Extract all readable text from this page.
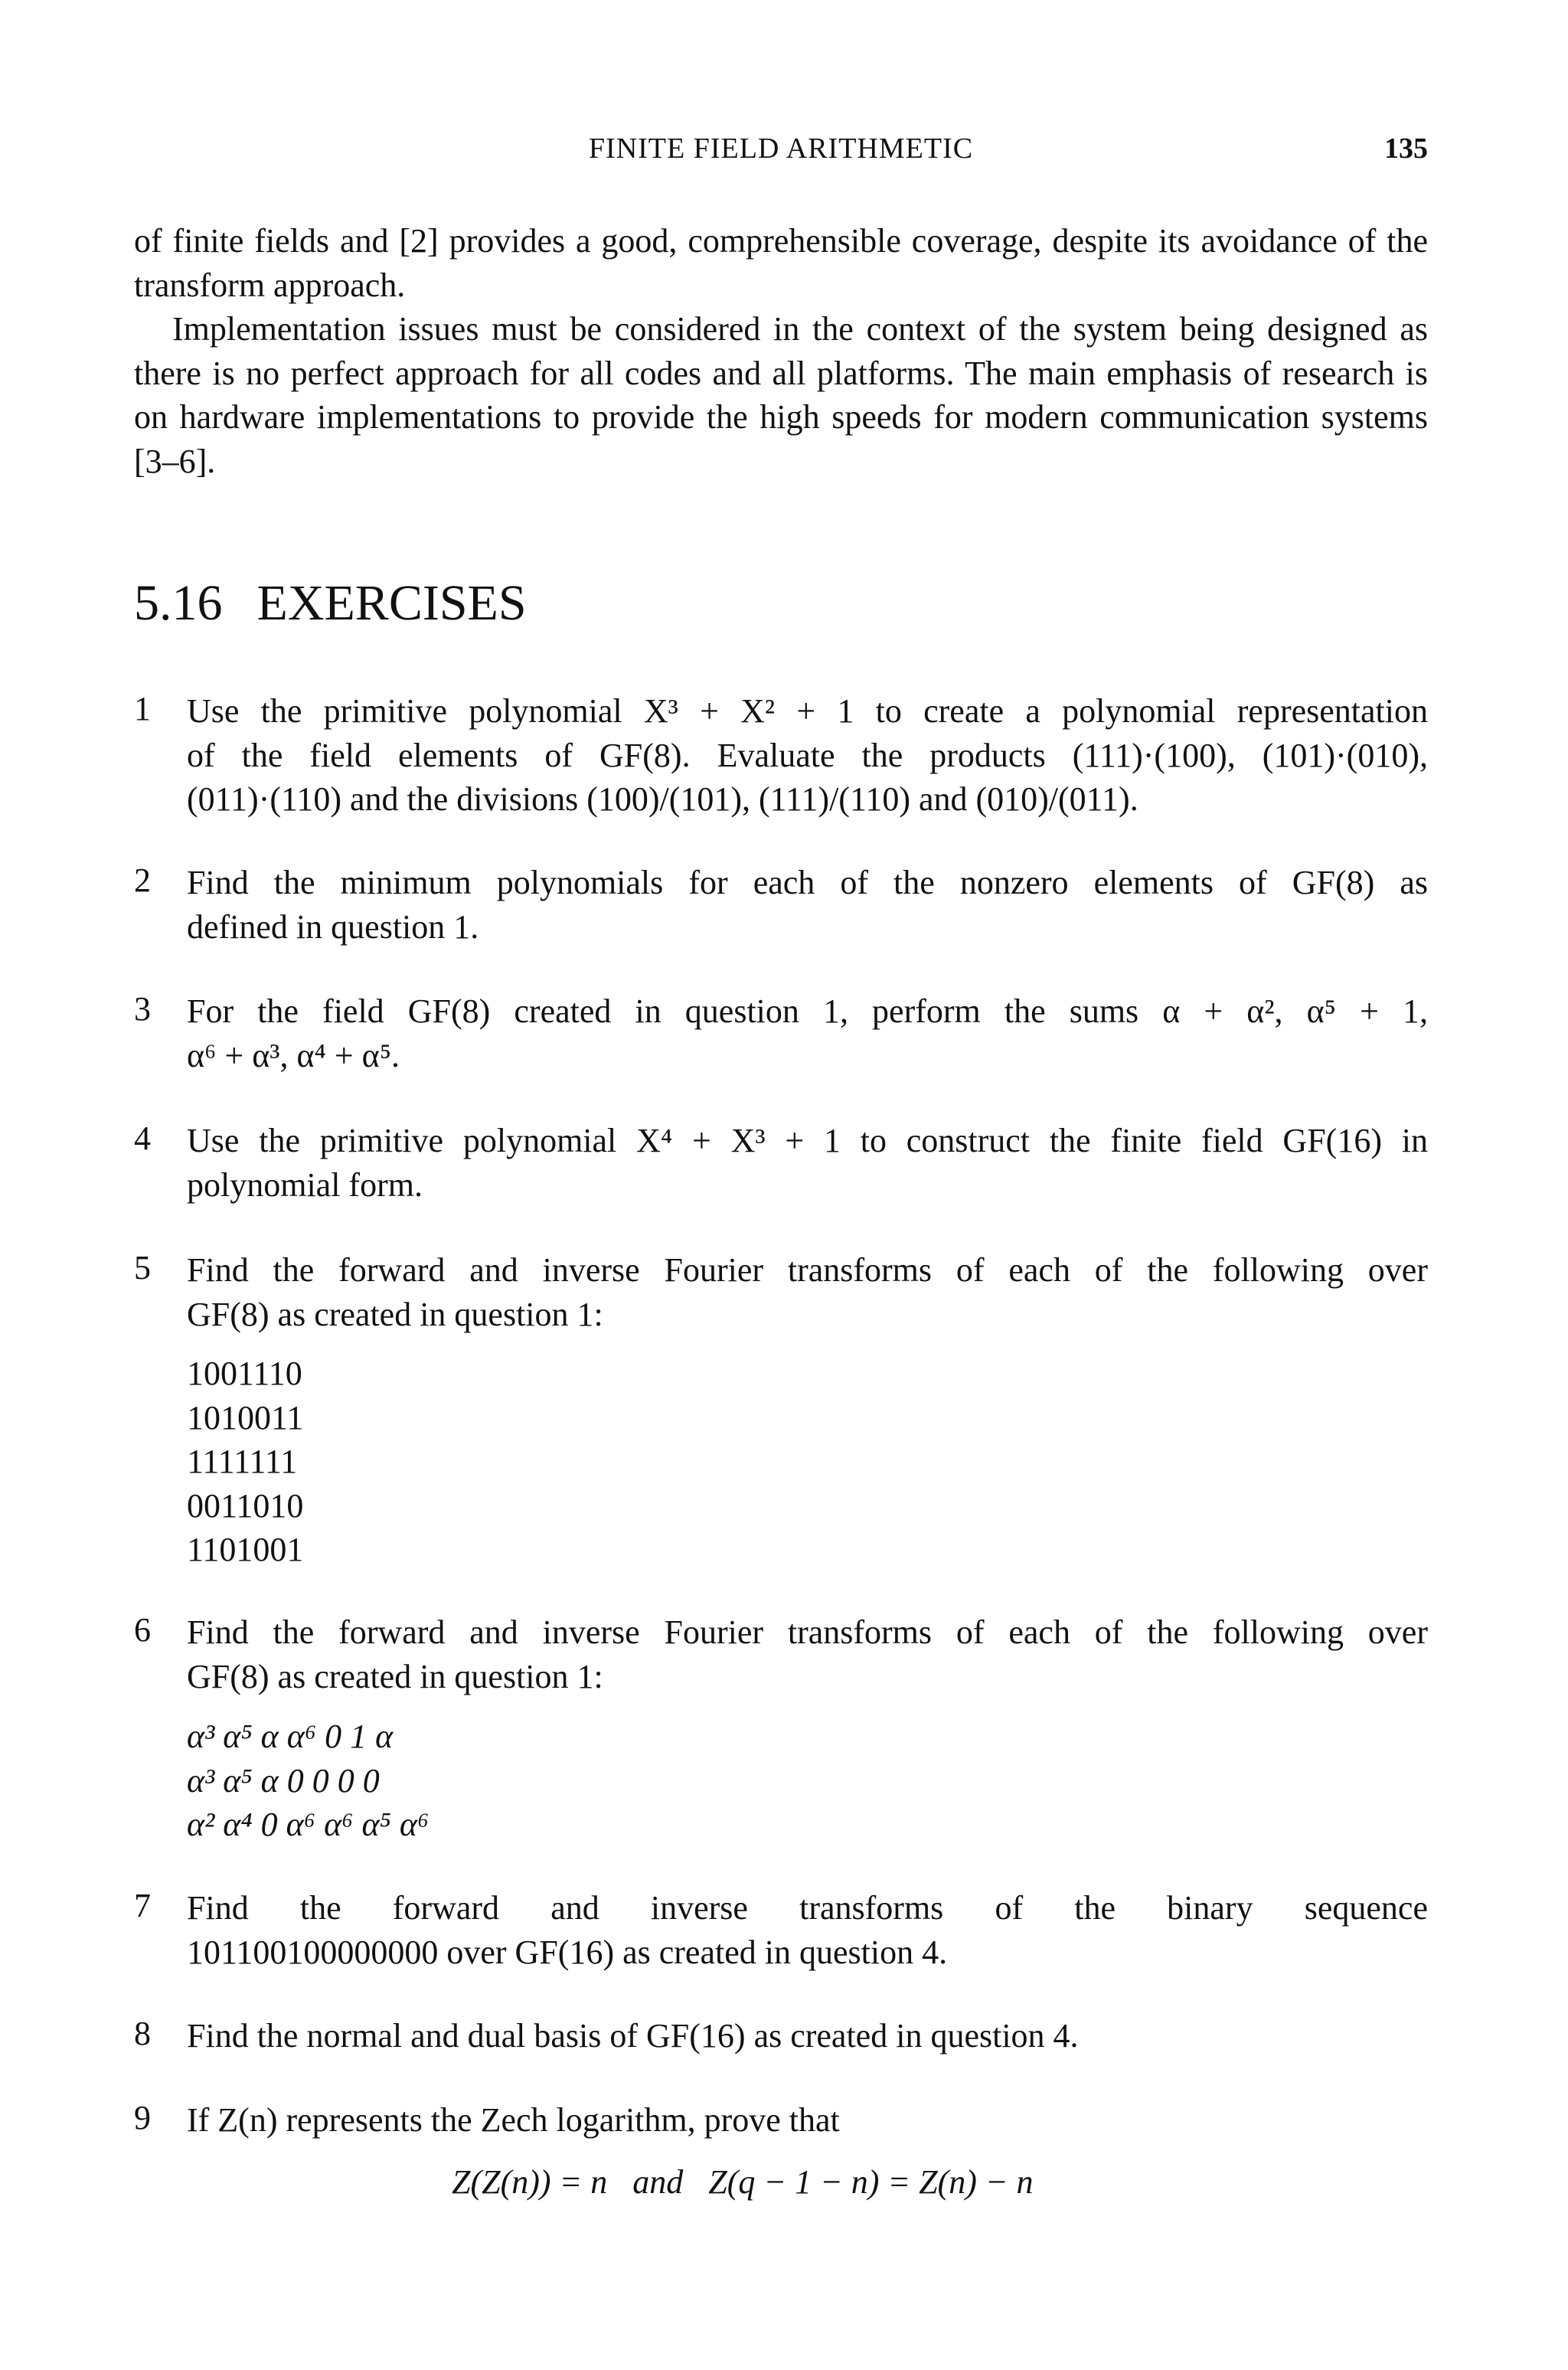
FINITE FIELD ARITHMETIC	135

of finite fields and [2] provides a good, comprehensible coverage, despite its avoidance of the transform approach.

Implementation issues must be considered in the context of the system being designed as there is no perfect approach for all codes and all platforms. The main emphasis of research is on hardware implementations to provide the high speeds for modern communication systems [3–6].

5.16 EXERCISES
1 Use the primitive polynomial X³ + X² + 1 to create a polynomial representation

of the field elements of GF(8). Evaluate the products (111)·(100), (101)·(010),

(011)·(110) and the divisions (100)/(101), (111)/(110) and (010)/(011).

2 Find the minimum polynomials for each of the nonzero elements of GF(8) as

defined in question 1.

3 For the field GF(8) created in question 1, perform the sums α + α², α⁵ + 1,

α⁶ + α³, α⁴ + α⁵.

4 Use the primitive polynomial X⁴ + X³ + 1 to construct the finite field GF(16) in

polynomial form.

5 Find the forward and inverse Fourier transforms of each of the following over

GF(8) as created in question 1:

1001110
1010011
1111111
0011010
1101001
6 Find the forward and inverse Fourier transforms of each of the following over

GF(8) as created in question 1:

α³ α⁵ α α⁶ 0 1 α
α³ α⁵ α 0 0 0 0
α² α⁴ 0 α⁶ α⁶ α⁵ α⁶
7 Find the forward and inverse transforms of the binary sequence

101100100000000 over GF(16) as created in question 4.

8 Find the normal and dual basis of GF(16) as created in question 4.

9 If Z(n) represents the Zech logarithm, prove that

Z(Z(n)) = n   and   Z(q − 1 − n) = Z(n) − n
